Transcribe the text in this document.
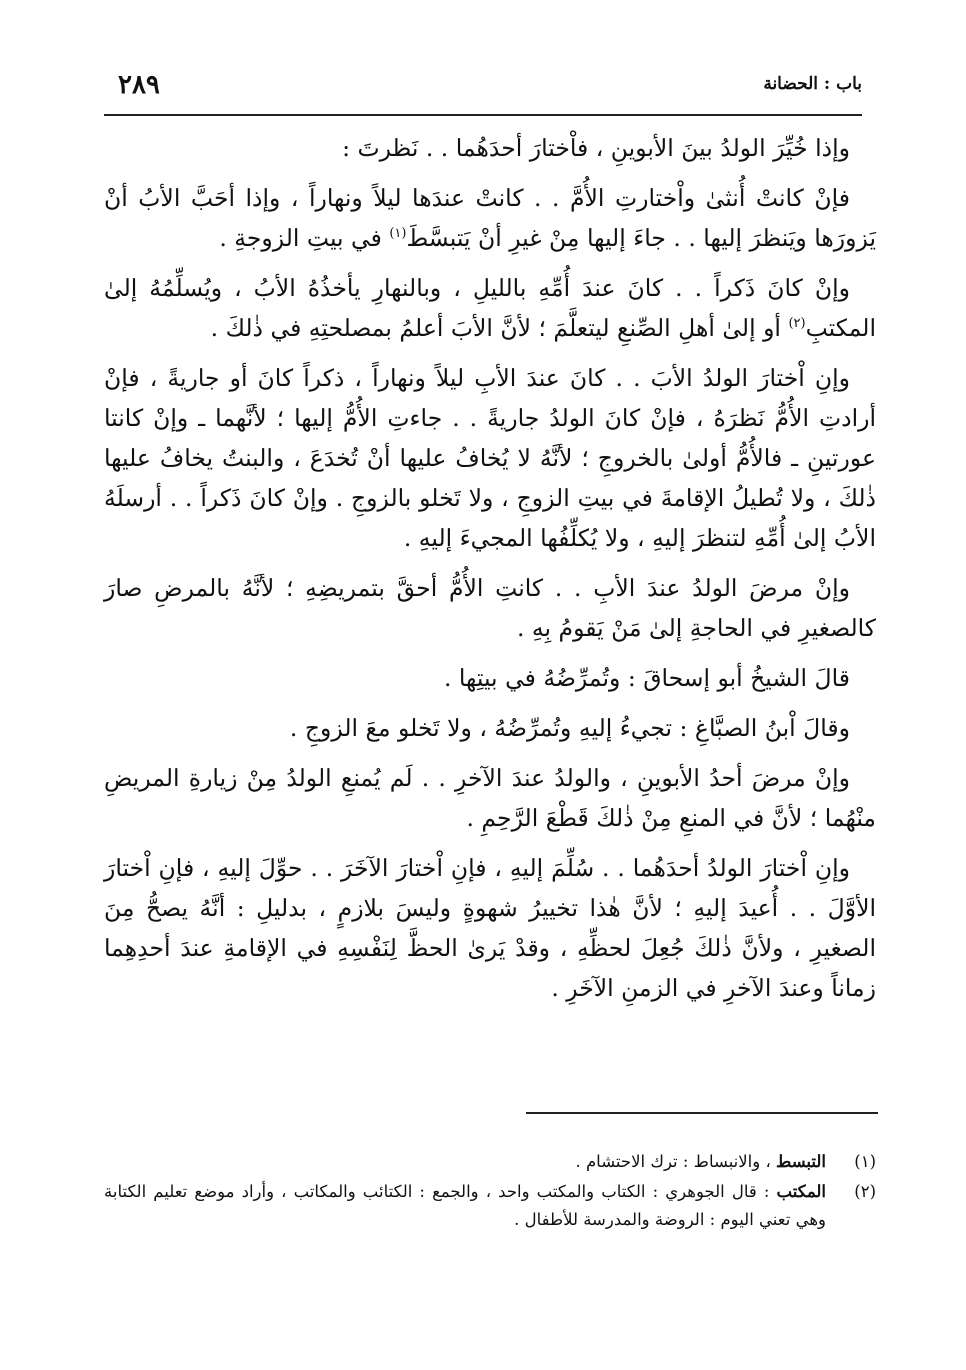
باب : الحضانة
٢٨٩

وإذا خُيِّرَ الولدُ بينَ الأبوينِ ، فاْختارَ أحدَهُما . . نَظرتَ :

فإنْ كانتْ أُنثىٰ واْختارتِ الأُمَّ . . كانتْ عندَها ليلاً ونهاراً ، وإذا أحَبَّ الأبُ أنْ يَزورَها ويَنظرَ إليها . . جاءَ إليها مِنْ غيرِ أنْ يَتبسَّطَ$^{(١)}$ في بيتِ الزوجةِ .

وإنْ كانَ ذَكراً . . كانَ عندَ أُمِّهِ بالليلِ ، وبالنهارِ يأخذُهُ الأبُ ، ويُسلِّمُهُ إلىٰ المكتبِ$^{(٢)}$ أو إلىٰ أهلِ الصِّنعِ ليتعلَّمَ ؛ لأنَّ الأبَ أعلمُ بمصلحتِهِ في ذٰلكَ .

وإنِ اْختارَ الولدُ الأبَ . . كانَ عندَ الأبِ ليلاً ونهاراً ، ذكراً كانَ أو جاريةً ، فإنْ أرادتِ الأُمُّ نَظرَهُ ، فإنْ كانَ الولدُ جاريةً . . جاءتِ الأُمُّ إليها ؛ لأنَّهما ـ وإنْ كانتا عورتينِ ـ فالأُمُّ أولىٰ بالخروجِ ؛ لأنَّهُ لا يُخافُ عليها أنْ تُخدَعَ ، والبنتُ يخافُ عليها ذٰلكَ ، ولا تُطيلُ الإقامةَ في بيتِ الزوجِ ، ولا تَخلو بالزوجِ . وإنْ كانَ ذَكراً . . أرسلَهُ الأبُ إلىٰ أُمِّهِ لتنظرَ إليهِ ، ولا يُكلِّفُها المجيءَ إليهِ .

وإنْ مرضَ الولدُ عندَ الأبِ . . كانتِ الأُمُّ أحقَّ بتمريضِهِ ؛ لأنَّهُ بالمرضِ صارَ كالصغيرِ في الحاجةِ إلىٰ مَنْ يَقومُ بِهِ .

قالَ الشيخُ أبو إسحاقَ : وتُمرِّضُهُ في بيتِها .

وقالَ اْبنُ الصبَّاغِ : تجيءُ إليهِ وتُمرِّضُهُ ، ولا تَخلو معَ الزوجِ .

وإنْ مرضَ أحدُ الأبوينِ ، والولدُ عندَ الآخرِ . . لَم يُمنعِ الولدُ مِنْ زيارةِ المريضِ منْهُما ؛ لأنَّ في المنعِ مِنْ ذٰلكَ قَطْعَ الرَّحِمِ .

وإنِ اْختارَ الولدُ أحدَهُما . . سُلِّمَ إليهِ ، فإنِ اْختارَ الآخَرَ . . حوِّلَ إليهِ ، فإنِ اْختارَ الأوَّلَ . . أُعيدَ إليهِ ؛ لأنَّ هٰذا تخييرُ شهوةٍ وليسَ بلازمٍ ، بدليلِ : أنَّهُ يصحُّ مِنَ الصغيرِ ، ولأنَّ ذٰلكَ جُعِلَ لحظِّهِ ، وقدْ يَرىٰ الحظَّ لِنَفْسِهِ في الإقامةِ عندَ أحدِهِما زماناً وعندَ الآخرِ في الزمنِ الآخَرِ .

(١)
التبسط ، والانبساط : ترك الاحتشام .
(٢)
المكتب : قال الجوهري : الكتاب والمكتب واحد ، والجمع : الكتائب والمكاتب ، وأراد موضع تعليم الكتابة وهي تعني اليوم : الروضة والمدرسة للأطفال .
